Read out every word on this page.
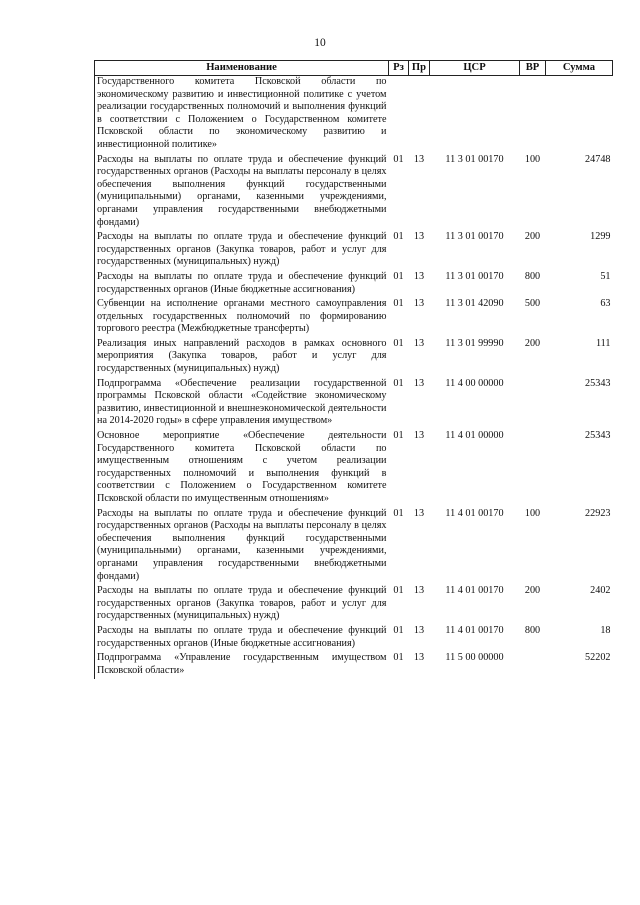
10
Наименование	Рз	Пр	ЦСР	ВР	Сумма
Государственного комитета Псковской области по экономическому развитию и инвестиционной политике с учетом реализации государственных полномочий и выполнения функций в соответствии с Положением о Государственном комитете Псковской области по экономическому развитию и инвестиционной политике»					
Расходы на выплаты по оплате труда и обеспечение функций государственных органов (Расходы на выплаты персоналу в целях обеспечения выполнения функций государственными (муниципальными) органами, казенными учреждениями, органами управления государственными внебюджетными фондами)	01	13	11 3 01 00170	100	24748
Расходы на выплаты по оплате труда и обеспечение функций государственных органов (Закупка товаров, работ и услуг для государственных (муниципальных) нужд)	01	13	11 3 01 00170	200	1299
Расходы на выплаты по оплате труда и обеспечение функций государственных органов (Иные бюджетные ассигнования)	01	13	11 3 01 00170	800	51
Субвенции на исполнение органами местного самоуправления отдельных государственных полномочий по формированию торгового реестра (Межбюджетные трансферты)	01	13	11 3 01 42090	500	63
Реализация иных направлений расходов в рамках основного мероприятия (Закупка товаров, работ и услуг для государственных (муниципальных) нужд)	01	13	11 3 01 99990	200	111
Подпрограмма «Обеспечение реализации государственной программы Псковской области «Содействие экономическому развитию, инвестиционной и внешнеэкономической деятельности на 2014-2020 годы» в сфере управления имуществом»	01	13	11 4 00 00000		25343
Основное мероприятие «Обеспечение деятельности Государственного комитета Псковской области по имущественным отношениям с учетом реализации государственных полномочий и выполнения функций в соответствии с Положением о Государственном комитете Псковской области по имущественным отношениям»	01	13	11 4 01 00000		25343
Расходы на выплаты по оплате труда и обеспечение функций государственных органов (Расходы на выплаты персоналу в целях обеспечения выполнения функций государственными (муниципальными) органами, казенными учреждениями, органами управления государственными внебюджетными фондами)	01	13	11 4 01 00170	100	22923
Расходы на выплаты по оплате труда и обеспечение функций государственных органов (Закупка товаров, работ и услуг для государственных (муниципальных) нужд)	01	13	11 4 01 00170	200	2402
Расходы на выплаты по оплате труда и обеспечение функций государственных органов (Иные бюджетные ассигнования)	01	13	11 4 01 00170	800	18
Подпрограмма «Управление государственным имуществом Псковской области»	01	13	11 5 00 00000		52202
